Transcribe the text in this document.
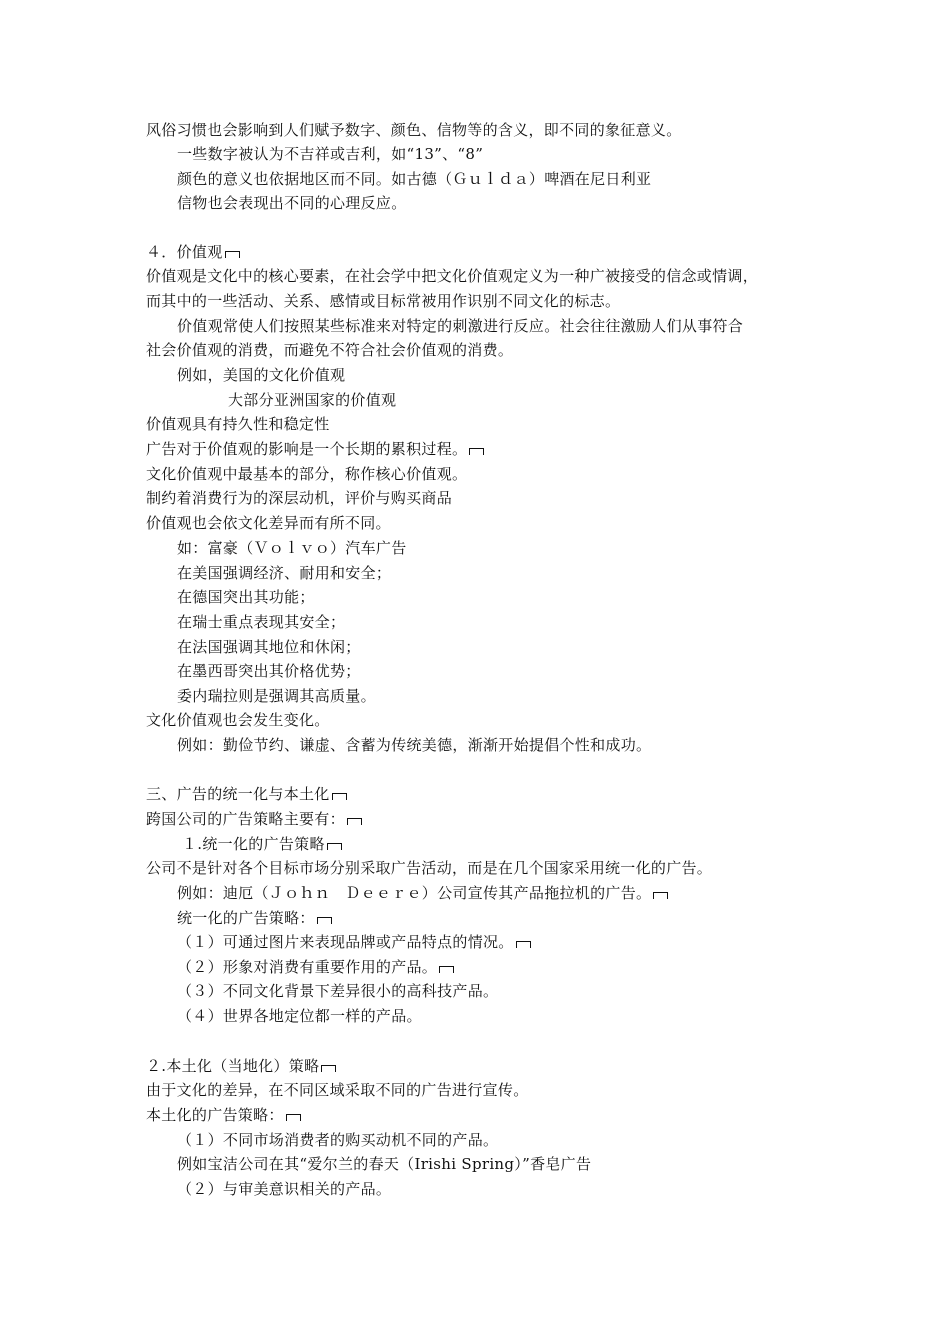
风俗习惯也会影响到人们赋予数字、颜色、信物等的含义，即不同的象征意义。
一些数字被认为不吉祥或吉利，如“13”、“8”
颜色的意义也依据地区而不同。如古德（Ｇｕｌｄａ）啤酒在尼日利亚
信物也会表现出不同的心理反应。
４．价值观
价值观是文化中的核心要素，在社会学中把文化价值观定义为一种广被接受的信念或情调，
而其中的一些活动、关系、感情或目标常被用作识别不同文化的标志。
价值观常使人们按照某些标准来对特定的刺激进行反应。社会往往激励人们从事符合
社会价值观的消费，而避免不符合社会价值观的消费。
例如，美国的文化价值观
大部分亚洲国家的价值观
价值观具有持久性和稳定性
广告对于价值观的影响是一个长期的累积过程。
文化价值观中最基本的部分，称作核心价值观。
制约着消费行为的深层动机，评价与购买商品
价值观也会依文化差异而有所不同。
如：富豪（Ｖｏｌｖｏ）汽车广告
在美国强调经济、耐用和安全；
在德国突出其功能；
在瑞士重点表现其安全；
在法国强调其地位和休闲；
在墨西哥突出其价格优势；
委内瑞拉则是强调其高质量。
文化价值观也会发生变化。
例如：勤俭节约、谦虚、含蓄为传统美德，渐渐开始提倡个性和成功。
三、广告的统一化与本土化
跨国公司的广告策略主要有：
１.统一化的广告策略
公司不是针对各个目标市场分别采取广告活动，而是在几个国家采用统一化的广告。
例如：迪厄（Ｊｏｈｎ　Ｄｅｅｒｅ）公司宣传其产品拖拉机的广告。
统一化的广告策略：
（１）可通过图片来表现品牌或产品特点的情况。
（２）形象对消费有重要作用的产品。
（３）不同文化背景下差异很小的高科技产品。
（４）世界各地定位都一样的产品。
２.本土化（当地化）策略
由于文化的差异，在不同区域采取不同的广告进行宣传。
本土化的广告策略：
（１）不同市场消费者的购买动机不同的产品。
例如宝洁公司在其“爱尔兰的春天（Irishi Spring）”香皂广告
（２）与审美意识相关的产品。
